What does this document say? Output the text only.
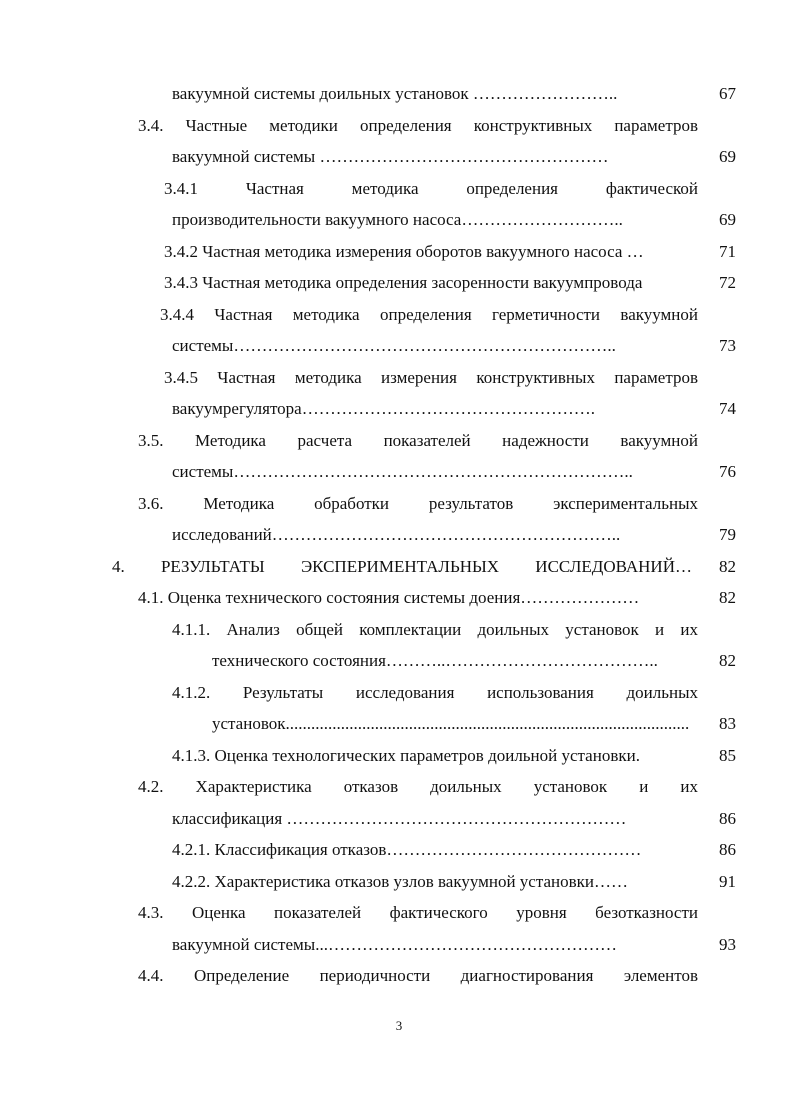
вакуумной системы доильных установок ……………………..	67
3.4. Частные методики определения конструктивных параметров
вакуумной системы ……………………………………………	69
3.4.1 Частная методика определения фактической
производительности вакуумного насоса………………………..	69
3.4.2 Частная методика измерения оборотов вакуумного насоса …	71
3.4.3 Частная методика определения засоренности вакуумпровода	72
3.4.4 Частная методика определения герметичности вакуумной
системы…………………………………………………………..	73
3.4.5 Частная методика измерения конструктивных параметров
вакуумрегулятора…………………………………………….	74
3.5. Методика расчета показателей надежности вакуумной
системы……………………………………………………………..	76
3.6. Методика обработки результатов экспериментальных
исследований……………………………………………………..	79
4. РЕЗУЛЬТАТЫ ЭКСПЕРИМЕНТАЛЬНЫХ ИССЛЕДОВАНИЙ…	82
4.1. Оценка технического состояния системы доения…………………	82
4.1.1. Анализ общей комплектации доильных установок и их
технического состояния………..………………………………..	82
4.1.2. Результаты исследования использования доильных
установок...............................................................................................	83
4.1.3. Оценка технологических параметров доильной установки.	85
4.2. Характеристика отказов доильных установок и их
классификация ……………………………………………………	86
4.2.1. Классификация отказов………………………………………	86
4.2.2. Характеристика отказов узлов вакуумной установки……	91
4.3. Оценка показателей фактического уровня безотказности
вакуумной системы...……………………………………………	93
4.4. Определение периодичности диагностирования элементов
3
